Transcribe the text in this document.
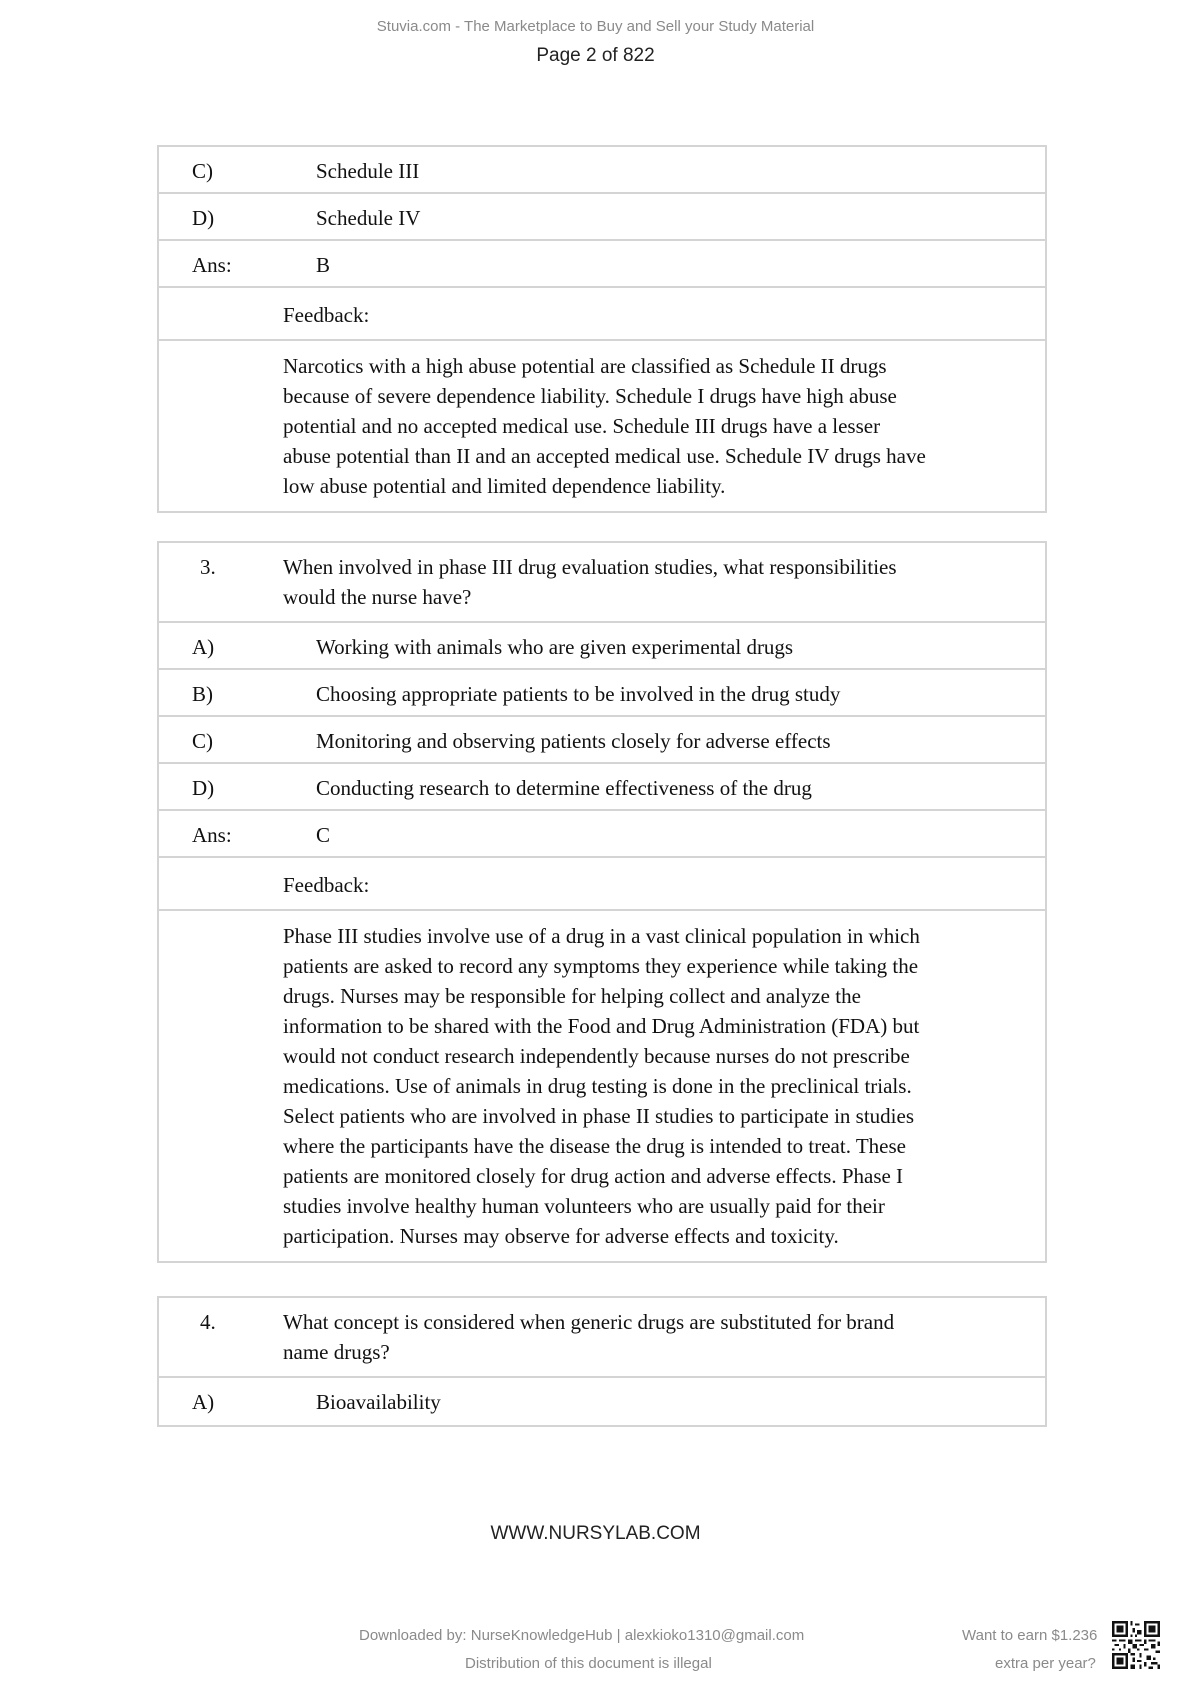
Stuvia.com - The Marketplace to Buy and Sell your Study Material
Page 2 of 822
C)	Schedule III
D)	Schedule IV
Ans:	B
Feedback:
Narcotics with a high abuse potential are classified as Schedule II drugs
because of severe dependence liability. Schedule I drugs have high abuse
potential and no accepted medical use. Schedule III drugs have a lesser
abuse potential than II and an accepted medical use. Schedule IV drugs have
low abuse potential and limited dependence liability.
3.	When involved in phase III drug evaluation studies, what responsibilities
would the nurse have?
A)	Working with animals who are given experimental drugs
B)	Choosing appropriate patients to be involved in the drug study
C)	Monitoring and observing patients closely for adverse effects
D)	Conducting research to determine effectiveness of the drug
Ans:	C
Feedback:
Phase III studies involve use of a drug in a vast clinical population in which
patients are asked to record any symptoms they experience while taking the
drugs. Nurses may be responsible for helping collect and analyze the
information to be shared with the Food and Drug Administration (FDA) but
would not conduct research independently because nurses do not prescribe
medications. Use of animals in drug testing is done in the preclinical trials.
Select patients who are involved in phase II studies to participate in studies
where the participants have the disease the drug is intended to treat. These
patients are monitored closely for drug action and adverse effects. Phase I
studies involve healthy human volunteers who are usually paid for their
participation. Nurses may observe for adverse effects and toxicity.
4.	What concept is considered when generic drugs are substituted for brand
name drugs?
A)	Bioavailability
WWW.NURSYLAB.COM
Downloaded by: NurseKnowledgeHub | alexkioko1310@gmail.com
Distribution of this document is illegal
Want to earn $1.236
extra per year?
